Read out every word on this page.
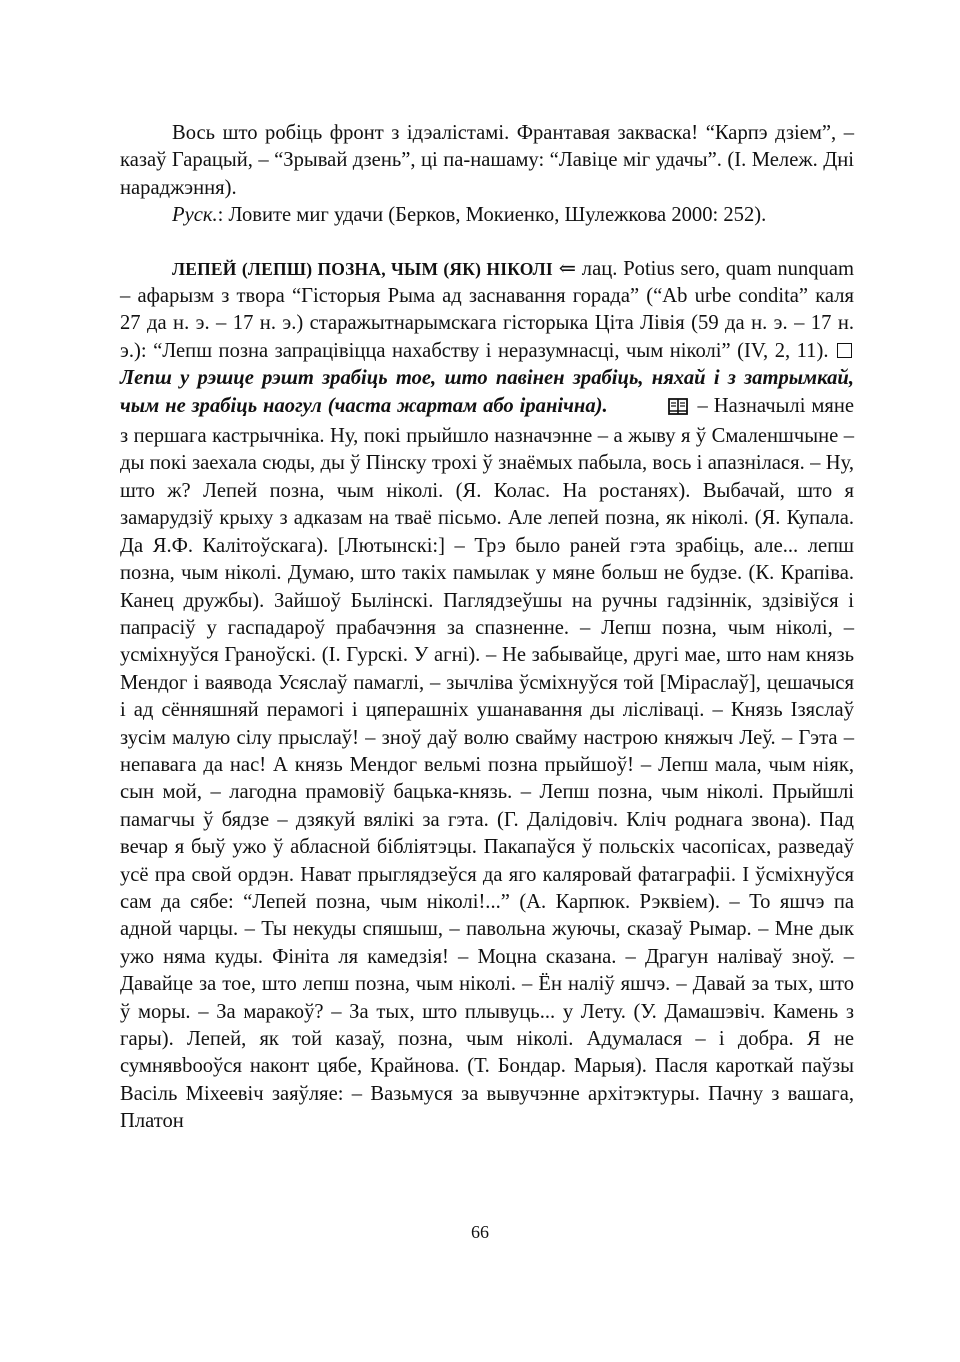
Вось што робіць фронт з ідэалістамі. Франтавая закваска! “Карпэ дзіем”, – казаў Гарацый, – “Зрывай дзень”, ці па-нашаму: “Лавіце міг удачы”. (І. Мележ. Дні нараджэння).

Руск.: Ловите миг удачи (Берков, Мокиенко, Шулежкова 2000: 252).

ЛЕПЕЙ (ЛЕПШ) ПОЗНА, ЧЫМ (ЯК) НІКОЛІ ⇐ лац. Potius sero, quam nunquam – афарызм з твора “Гісторыя Рыма ад заснавання горада” (“Ab urbe condita” каля 27 да н. э. – 17 н. э.) старажытнарымскага гісторыка Ціта Лівія (59 да н. э. – 17 н. э.): “Лепш позна запрацівіцца нахабству і неразумнасці, чым ніколі” (IV, 2, 11).  Лепш у рэшце рэшт зрабіць тое, што павінен зрабіць, няхай і з затрымкай, чым не зрабіць наогул (часта жартам або іранічна).	– Назначылі мяне з першага кастрычніка. Ну, покі прыйшло назначэнне – а жыву я ў Смаленшчыне – ды покі заехала сюды, ды ў Пінску трохі ў знаёмых пабыла, вось і апазнілася. – Ну, што ж? Лепей позна, чым ніколі. (Я. Колас. На ростанях). Выбачай, што я замарудзіў крыху з адказам на тваё пісьмо. Але лепей позна, як ніколі. (Я. Купала. Да Я.Ф. Калітоўскага). [Лютынскі:] – Трэ было раней гэта зрабіць, але... лепш позна, чым ніколі. Думаю, што такіх памылак у мяне больш не будзе. (К. Крапіва. Канец дружбы). Зайшоў Былінскі. Паглядзеўшы на ручны гадзіннік, здзівіўся і папрасіў у гаспадароў прабачэння за спазненне. – Лепш позна, чым ніколі, – усміхнуўся Граноўскі. (І. Гурскі. У агні). – Не забывайце, другі мае, што нам князь Мендог і ваявода Усяслаў памаглі, – зычліва ўсміхнуўся той [Мірaслаў], цешачыся і ад сённяшняй перамогі і цяперашніх ушанавання ды лісліваці. – Князь Ізяслаў зусім малую сілу прыслаў! – зноў даў волю свайму настрою княжыч Леў. – Гэта – непавага да нас! А князь Мендог вельмі позна прыйшоў! – Лепш мала, чым ніяк, сын мой, – лагодна прамовіў бацька-князь. – Лепш позна, чым ніколі. Прыйшлі памагчы ў бядзе – дзякуй вялікі за гэта. (Г. Далідовіч. Кліч роднага звона). Пад вечар я быў ужо ў абласной бібліятэцы. Пакапаўся ў польскіх часопісах, разведаў усё пра свой ордэн. Нават прыглядзеўся да яго каляровай фатаграфіі. І ўсміхнуўся сам да сябе: “Лепей позна, чым ніколі!...” (А. Карпюк. Рэквіем). – То яшчэ па адной чарцы. – Ты некуды спяшыш, – павольна жуючы, сказаў Рымар. – Мне дык ужо няма куды. Фініта ля камедзія! – Моцна сказана. – Драгун наліваў зноў. – Давайце за тое, што лепш позна, чым ніколі. – Ён наліў яшчэ. – Давай за тых, што ў моры. – За маракоў? – За тых, што плывуць... у Лету. (У. Дамашэвіч. Камень з гары). Лепей, як той казаў, позна, чым ніколі. Адумалася – і добра. Я не сумнявbooўся наконт цябе, Крайнова. (Т. Бондар. Марыя). Пасля кароткай паўзы Васіль Міхеевіч заяўляе: – Вазьмуся за вывучэнне архітэктуры. Пачну з вашага, Платон

66
